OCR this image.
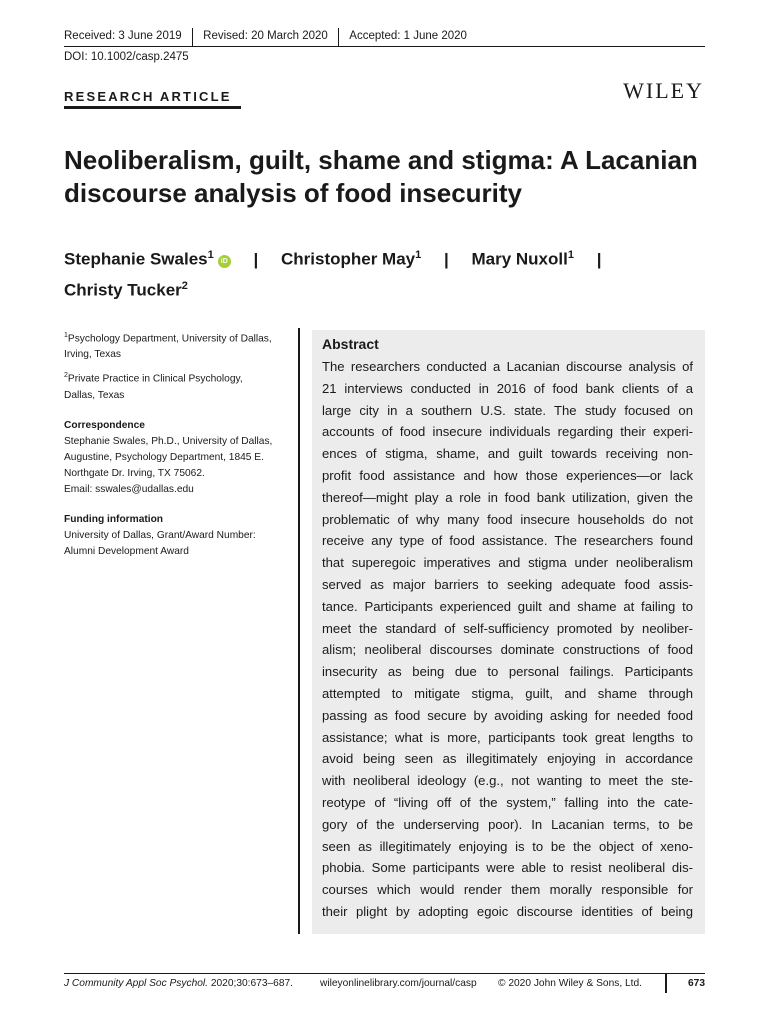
Received: 3 June 2019 Revised: 20 March 2020 Accepted: 1 June 2020
DOI: 10.1002/casp.2475
RESEARCH ARTICLE	WILEY
Neoliberalism, guilt, shame and stigma: A Lacanian
discourse analysis of food insecurity
Stephanie Swales$^1$iD | Christopher May$^1$ | Mary Nuxoll$^1$ |
Christy Tucker$^2$

$^1$Psychology Department, University of Dallas,
Irving, Texas

$^2$Private Practice in Clinical Psychology,
Dallas, Texas

Correspondence

Stephanie Swales, Ph.D., University of Dallas,
Augustine, Psychology Department, 1845 E.
Northgate Dr. Irving, TX 75062.
Email: sswales@udallas.edu

Funding information

University of Dallas, Grant/Award Number:
Alumni Development Award

Abstract
The researchers conducted a Lacanian discourse analysis of
21 interviews conducted in 2016 of food bank clients of a
large city in a southern U.S. state. The study focused on
accounts of food insecure individuals regarding their experi-
ences of stigma, shame, and guilt towards receiving non-
profit food assistance and how those experiences—or lack
thereof—might play a role in food bank utilization, given the
problematic of why many food insecure households do not
receive any type of food assistance. The researchers found
that superegoic imperatives and stigma under neoliberalism
served as major barriers to seeking adequate food assis-
tance. Participants experienced guilt and shame at failing to
meet the standard of self-sufficiency promoted by neoliber-
alism; neoliberal discourses dominate constructions of food
insecurity as being due to personal failings. Participants
attempted to mitigate stigma, guilt, and shame through
passing as food secure by avoiding asking for needed food
assistance; what is more, participants took great lengths to
avoid being seen as illegitimately enjoying in accordance
with neoliberal ideology (e.g., not wanting to meet the ste-
reotype of “living off of the system,” falling into the cate-
gory of the underserving poor). In Lacanian terms, to be
seen as illegitimately enjoying is to be the object of xeno-
phobia. Some participants were able to resist neoliberal dis-
courses which would render them morally responsible for
their plight by adopting egoic discourse identities of being
J Community Appl Soc Psychol. 2020;30:673–687.	wileyonlinelibrary.com/journal/casp © 2020 John Wiley & Sons, Ltd.	673
